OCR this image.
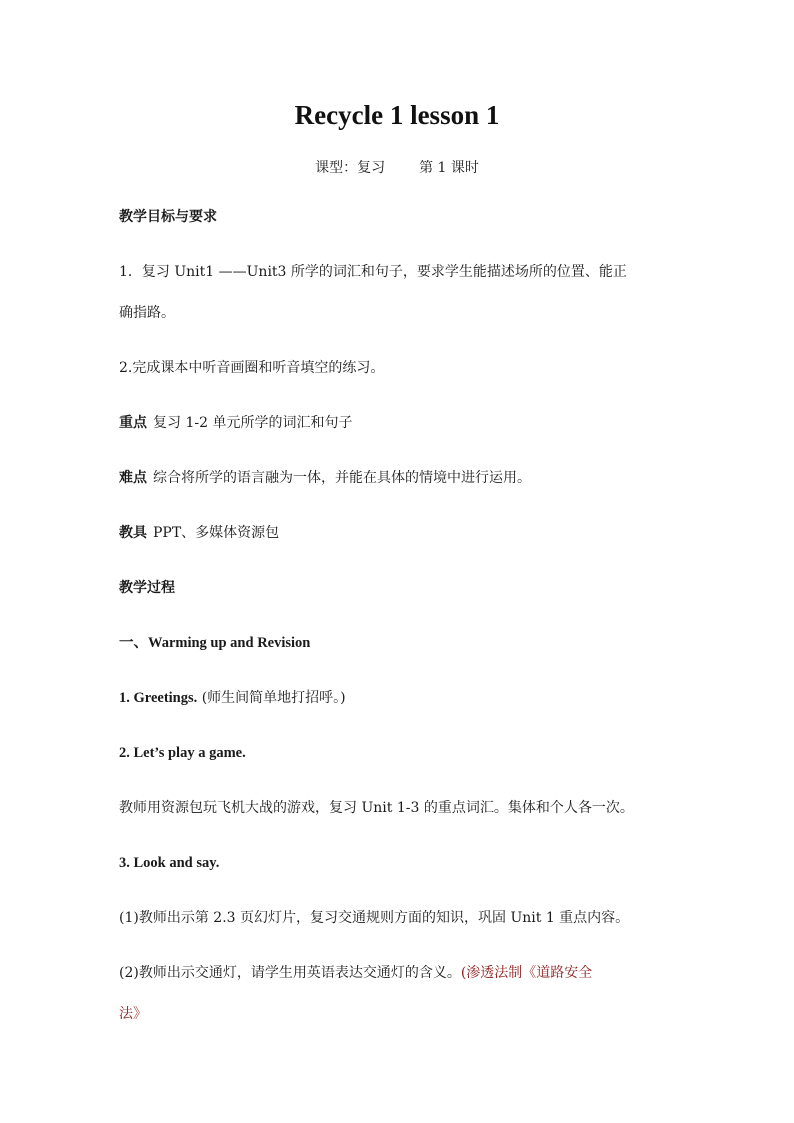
Recycle 1 lesson 1
课型：复习 第 1 课时
教学目标与要求
1．复习 Unit1 ——Unit3 所学的词汇和句子，要求学生能描述场所的位置、能正
确指路。
2.完成课本中听音画圈和听音填空的练习。
重点 复习 1-2 单元所学的词汇和句子
难点 综合将所学的语言融为一体，并能在具体的情境中进行运用。
教具 PPT、多媒体资源包
教学过程
一、Warming up and Revision
1. Greetings. (师生间简单地打招呼。)
2. Let’s play a game.
教师用资源包玩飞机大战的游戏，复习 Unit 1-3 的重点词汇。集体和个人各一次。
3. Look and say.
(1)教师出示第 2.3 页幻灯片，复习交通规则方面的知识，巩固 Unit 1 重点内容。
(2)教师出示交通灯，请学生用英语表达交通灯的含义。(渗透法制《道路安全
法》
